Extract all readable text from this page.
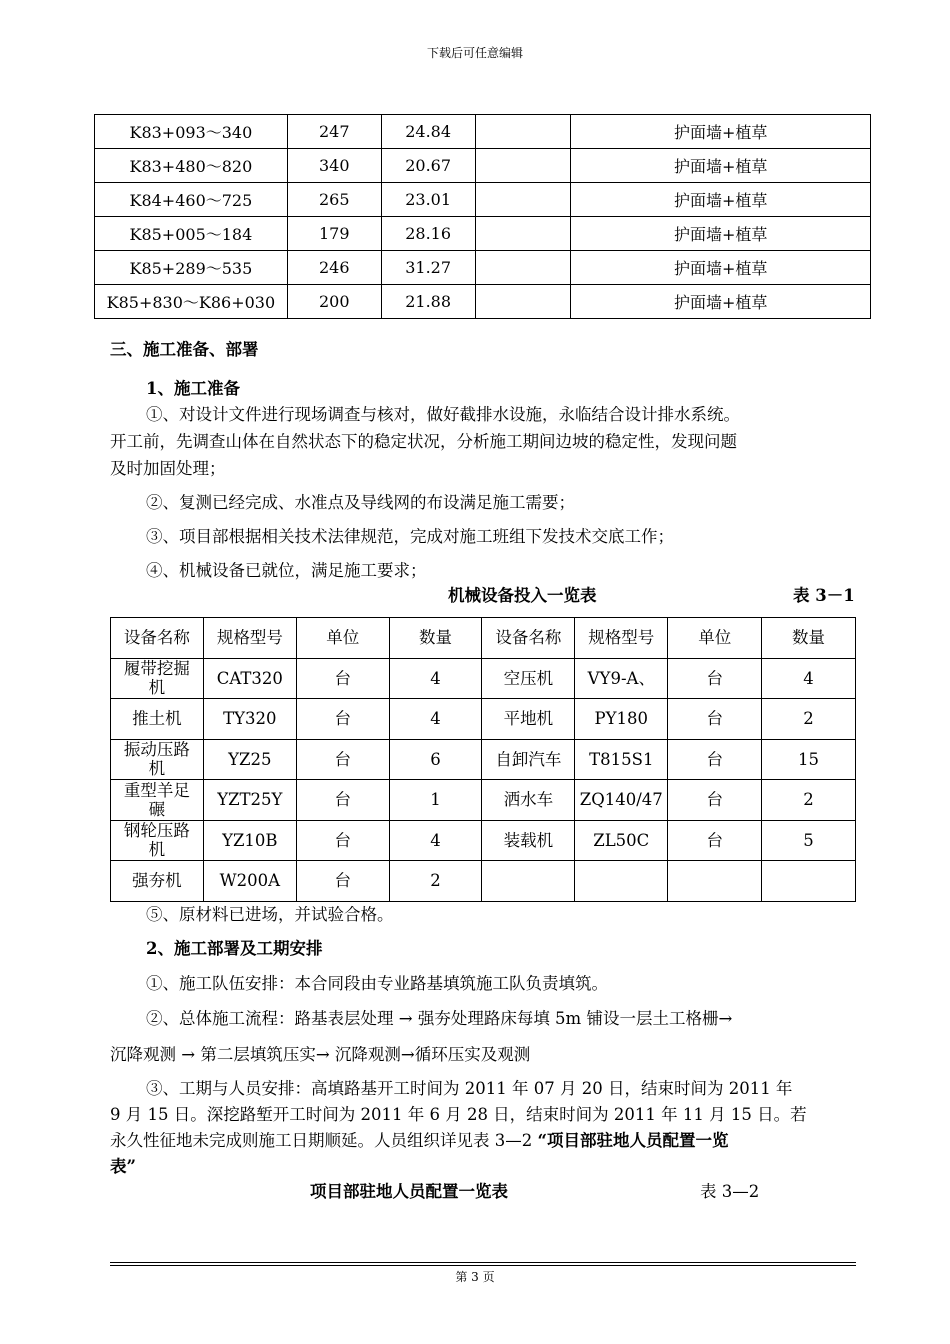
下载后可任意编辑
K83+093～340	247	24.84		护面墙+植草
K83+480～820	340	20.67		护面墙+植草
K84+460～725	265	23.01		护面墙+植草
K85+005～184	179	28.16		护面墙+植草
K85+289～535	246	31.27		护面墙+植草
K85+830～K86+030	200	21.88		护面墙+植草
三、施工准备、部署
1、施工准备
①、对设计文件进行现场调查与核对，做好截排水设施，永临结合设计排水系统。
开工前，先调查山体在自然状态下的稳定状况，分析施工期间边坡的稳定性，发现问题
及时加固处理；
②、复测已经完成、水准点及导线网的布设满足施工需要；
③、项目部根据相关技术法律规范，完成对施工班组下发技术交底工作；
④、机械设备已就位，满足施工要求；
机械设备投入一览表	表 3－1
设备名称	规格型号	单位	数量	设备名称	规格型号	单位	数量
履带挖掘机	CAT320	台	4	空压机	VY9-A、	台	4
推土机	TY320	台	4	平地机	PY180	台	2
振动压路机	YZ25	台	6	自卸汽车	T815S1	台	15
重型羊足碾	YZT25Y	台	1	洒水车	ZQ140/47	台	2
钢轮压路机	YZ10B	台	4	装载机	ZL50C	台	5
强夯机	W200A	台	2				
⑤、原材料已进场，并试验合格。
2、施工部署及工期安排
①、施工队伍安排：本合同段由专业路基填筑施工队负责填筑。
②、总体施工流程：路基表层处理 → 强夯处理路床每填 5m 铺设一层土工格栅→
沉降观测 → 第二层填筑压实→ 沉降观测→循环压实及观测
③、工期与人员安排：高填路基开工时间为 2011 年 07 月 20 日，结束时间为 2011 年
9 月 15 日。深挖路堑开工时间为 2011 年 6 月 28 日，结束时间为 2011 年 11 月 15 日。若
永久性征地未完成则施工日期顺延。人员组织详见表 3—2 “项目部驻地人员配置一览
表”
项目部驻地人员配置一览表	表 3—2
第 3 页
